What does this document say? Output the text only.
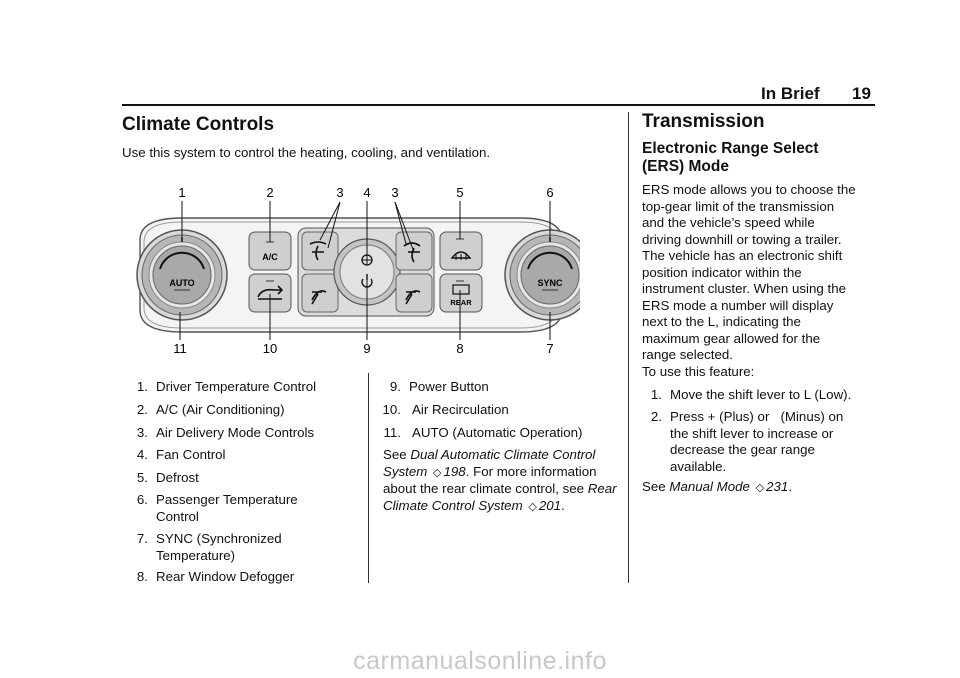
In Brief 19
Climate Controls
Use this system to control the heating, cooling, and ventilation.
1	2	3 4 3	5	6
11	10	9	8	7
AUTO	SYNC
A/C
REAR
1. Driver Temperature Control
2. A/C (Air Conditioning)
3. Air Delivery Mode Controls
4. Fan Control
5. Defrost
6. Passenger Temperature
Control
7. SYNC (Synchronized
Temperature)
8. Rear Window Defogger
9. Power Button
10. Air Recirculation
11. AUTO (Automatic Operation)
See Dual Automatic Climate Control System ◇ 198. For more information about the rear climate control, see Rear Climate Control System ◇ 201.
Transmission
Electronic Range Select
(ERS) Mode
ERS mode allows you to choose the
top-gear limit of the transmission
and the vehicle’s speed while
driving downhill or towing a trailer.
The vehicle has an electronic shift
position indicator within the
instrument cluster. When using the
ERS mode a number will display
next to the L, indicating the
maximum gear allowed for the
range selected.
To use this feature:
1. Move the shift lever to L (Low).
2. Press + (Plus) or   (Minus) on
the shift lever to increase or
decrease the gear range
available.
See Manual Mode ◇ 231.
carmanualsonline.info
